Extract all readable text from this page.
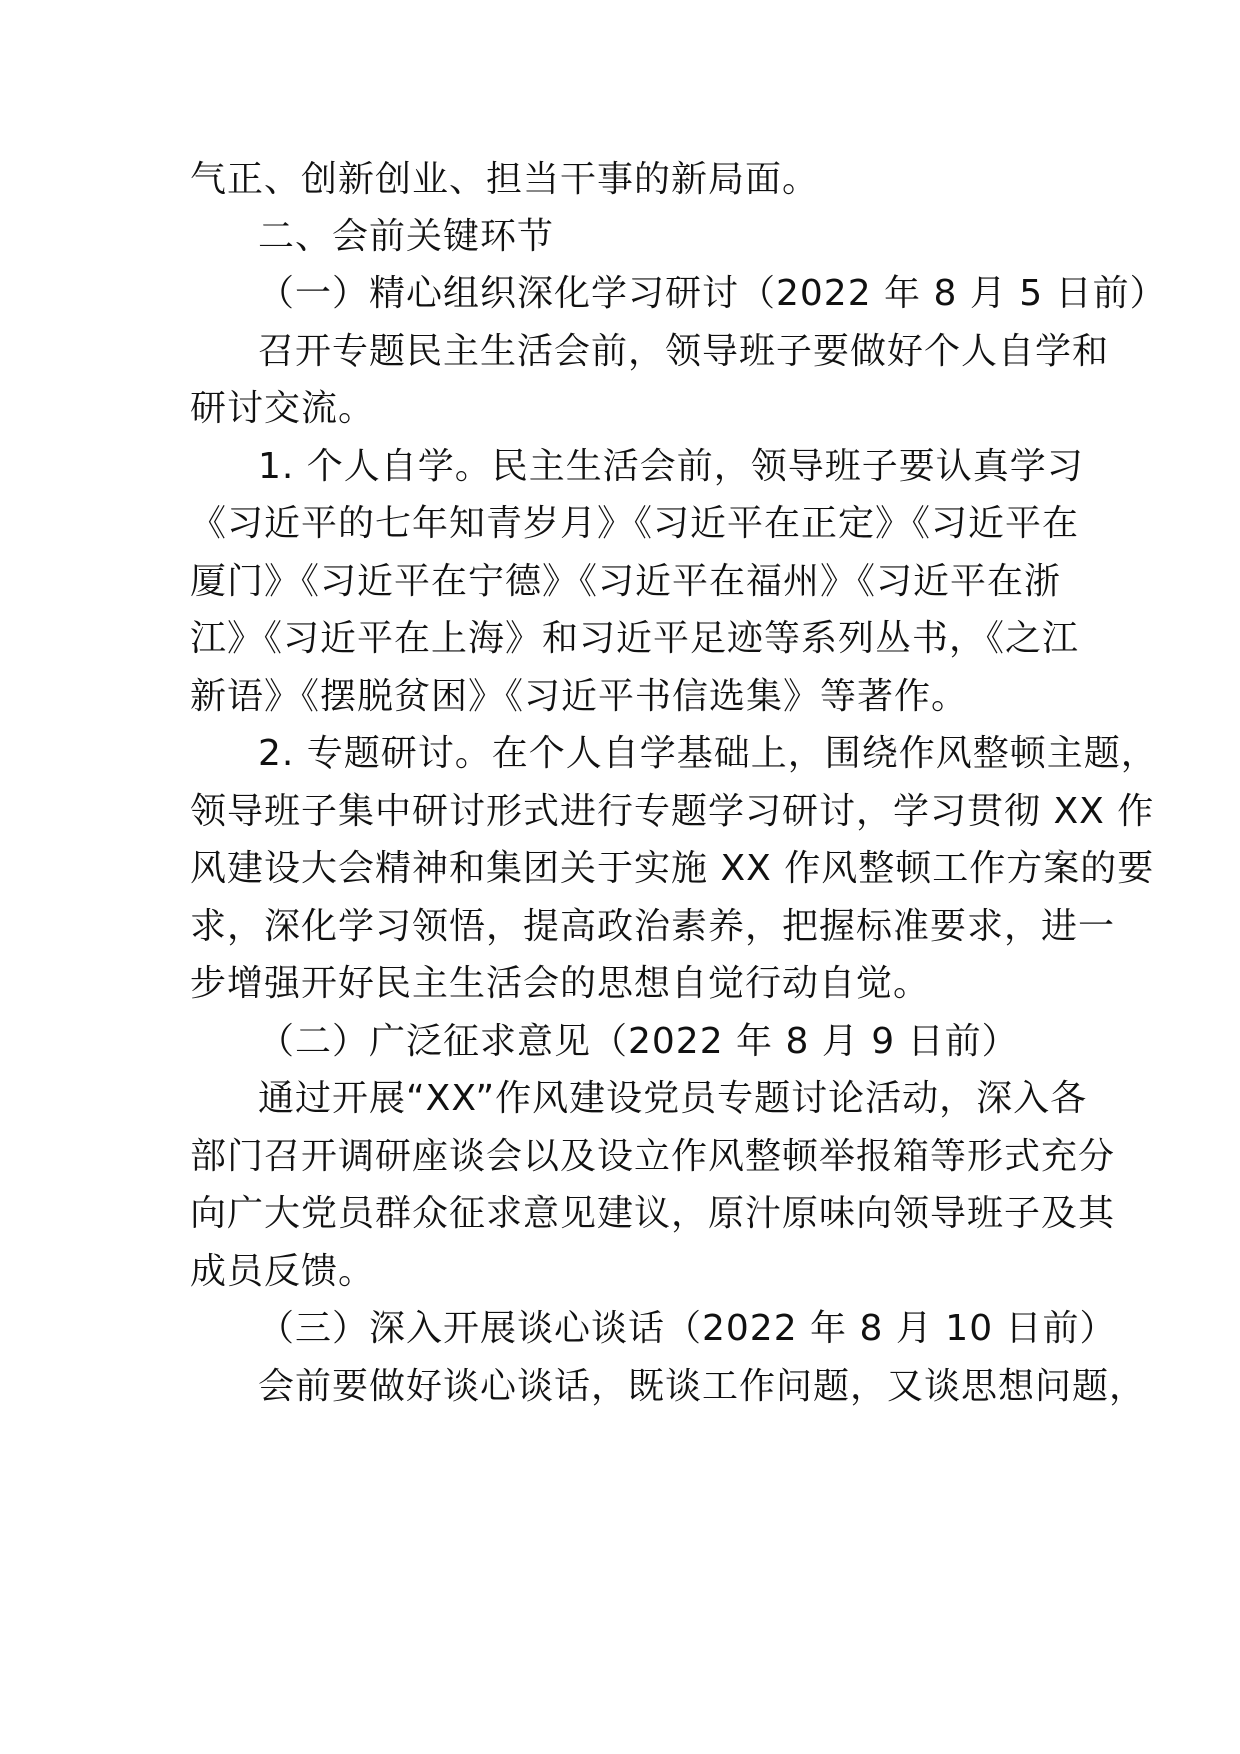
气正、创新创业、担当干事的新局面。
二、会前关键环节
（一）精心组织深化学习研讨（2022 年 8 月 5 日前）
召开专题民主生活会前，领导班子要做好个人自学和
研讨交流。
1. 个人自学。民主生活会前，领导班子要认真学习
《习近平的七年知青岁月》《习近平在正定》《习近平在
厦门》《习近平在宁德》《习近平在福州》《习近平在浙
江》《习近平在上海》和习近平足迹等系列丛书，《之江
新语》《摆脱贫困》《习近平书信选集》等著作。
2. 专题研讨。在个人自学基础上，围绕作风整顿主题，
领导班子集中研讨形式进行专题学习研讨，学习贯彻 XX 作
风建设大会精神和集团关于实施 XX 作风整顿工作方案的要
求，深化学习领悟，提高政治素养，把握标准要求，进一
步增强开好民主生活会的思想自觉行动自觉。
（二）广泛征求意见（2022 年 8 月 9 日前）
通过开展“XX”作风建设党员专题讨论活动，深入各
部门召开调研座谈会以及设立作风整顿举报箱等形式充分
向广大党员群众征求意见建议，原汁原味向领导班子及其
成员反馈。
（三）深入开展谈心谈话（2022 年 8 月 10 日前）
会前要做好谈心谈话，既谈工作问题，又谈思想问题，
